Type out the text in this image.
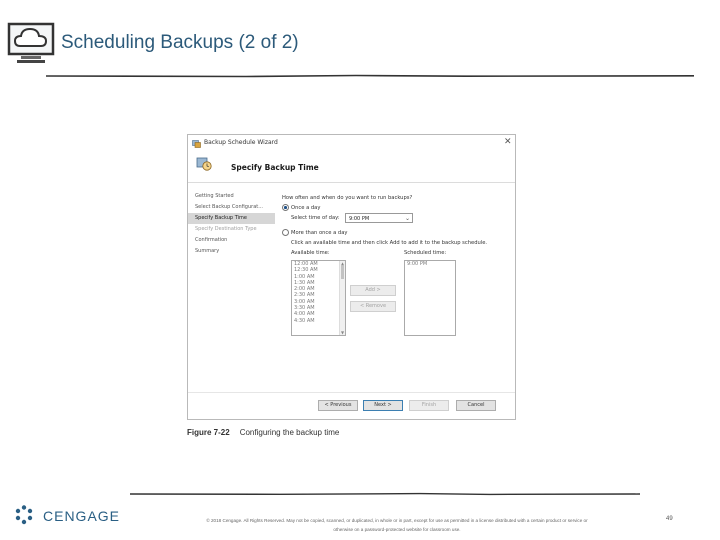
Scheduling Backups (2 of 2)
Backup Schedule Wizard	✕
Specify Backup Time
Getting Started
Select Backup Configurat...
Specify Backup Time
Specify Destination Type
Confirmation
Summary
How often and when do you want to run backups?
Once a day
Select time of day: 9:00 PM	⌄
More than once a day
Click an available time and then click Add to add it to the backup schedule.
Available time:	Scheduled time:
12:00 AM
12:30 AM
1:00 AM
1:30 AM
2:00 AM
2:30 AM
3:00 AM
3:30 AM
4:00 AM
4:30 AM
▲
▼
Add >
< Remove
9:00 PM
< Previous	Next >	Finish	Cancel
Figure 7-22 Configuring the backup time
CENGAGE	© 2018 Cengage. All Rights Reserved. May not be copied, scanned, or duplicated, in whole or in part, except for use as permitted in a license distributed with a certain product or service or
otherwise on a password-protected website for classroom use.
49
